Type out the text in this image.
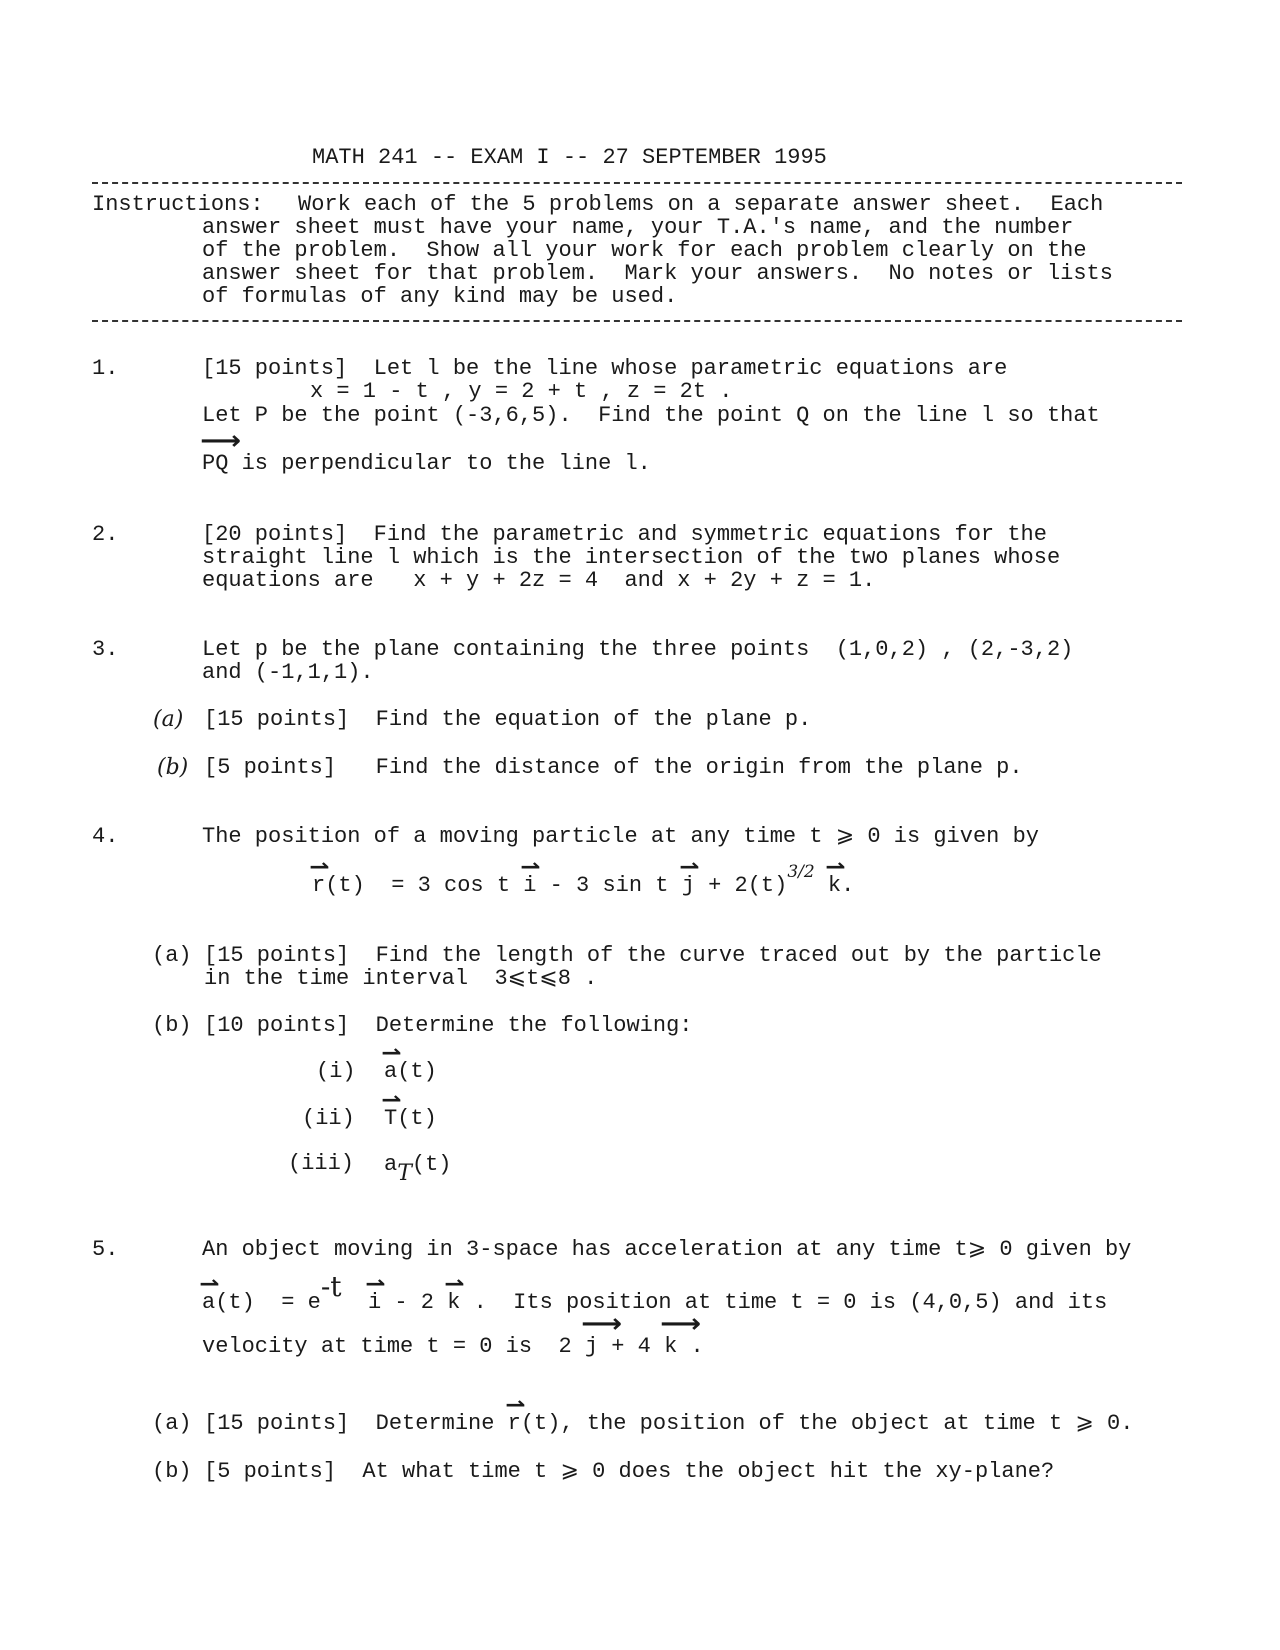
MATH 241 -- EXAM I -- 27 SEPTEMBER 1995
Instructions: Work each of the 5 problems on a separate answer sheet.  Each
answer sheet must have your name, your T.A.'s name, and the number
of the problem.  Show all your work for each problem clearly on the
answer sheet for that problem.  Mark your answers.  No notes or lists
of formulas of any kind may be used.
1.	[15 points]  Let l be the line whose parametric equations are
x = 1 - t , y = 2 + t , z = 2t .
Let P be the point (-3,6,5).  Find the point Q on the line l so that
⟶
PQ is perpendicular to the line l.
2.	[20 points]  Find the parametric and symmetric equations for the
straight line l which is the intersection of the two planes whose
equations are   x + y + 2z = 4  and x + 2y + z = 1.
3.	Let p be the plane containing the three points  (1,0,2) , (2,-3,2)
and (-1,1,1).
(a) [15 points]  Find the equation of the plane p.
(b) [5 points]   Find the distance of the origin from the plane p.
4.	The position of a moving particle at any time t ⩾ 0 is given by
⇀
r(t)  = 3 cos t
⇀
i - 3 sin t
⇀
$j + 2(t)^{3/2}$ ⇀
k.
(a) [15 points]  Find the length of the curve traced out by the particle
in the time interval  3⩽t⩽8 .
(b) [10 points]  Determine the following:
(i)
⇀
a(t)
(ii)
⇀
T(t)
(iii) aT(t)
5.	An object moving in 3-space has acceleration at any time t⩾ 0 given by
⇀
a(t)  = e-t ⇀
i - 2
⇀
k .  Its position at time t = 0 is (4,0,5) and its
velocity at time t = 0 is  2
⟶
j + 4
⟶
k .
(a) [15 points]  Determine
⇀
r(t), the position of the object at time t ⩾ 0.
(b) [5 points]  At what time t ⩾ 0 does the object hit the xy-plane?
